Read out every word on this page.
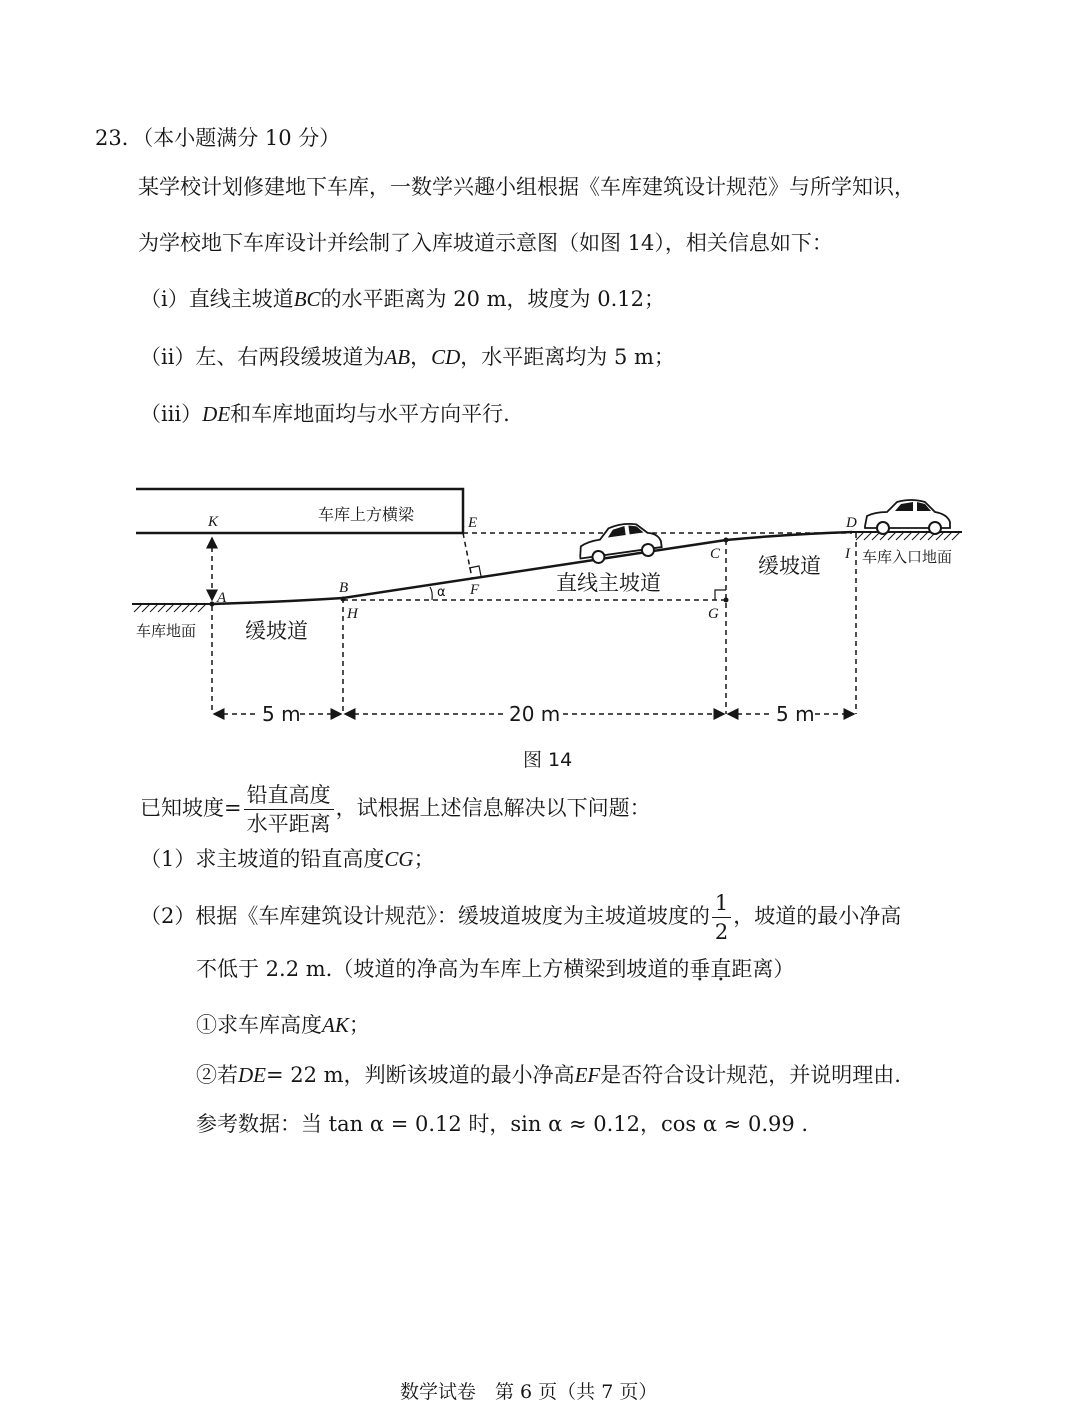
23．（本小题满分 10 分）
某学校计划修建地下车库，一数学兴趣小组根据《车库建筑设计规范》与所学知识，
为学校地下车库设计并绘制了入库坡道示意图（如图 14），相关信息如下：
（ⅰ）直线主坡道BC的水平距离为 20 m，坡度为 0.12；
（ⅱ）左、右两段缓坡道为AB，CD，水平距离均为 5 m；
（ⅲ）DE和车库地面均与水平方向平行.
车库上方横梁
车库地面
车库入口地面
α
K	E	D
C	I
B
A
H
F
G
直线主坡道
缓坡道
缓坡道
5 m	20 m	5 m
图 14
已知坡度= $\frac{\text{铅直高度}}{\text{水平距离}}$ ，试根据上述信息解决以下问题：
（1）求主坡道的铅直高度CG；
（2）根据《车库建筑设计规范》：缓坡道坡度为主坡道坡度的 $\frac{1}{2}$ ，坡道的最小净高
不低于 2.2 m.（坡道的净高为车库上方横梁到坡道的垂直距离）
①求车库高度AK；
②若DE= 22 m，判断该坡道的最小净高EF是否符合设计规范，并说明理由.
参考数据：当 tan α = 0.12 时，sin α ≈ 0.12，cos α ≈ 0.99 .
数学试卷　第 6 页（共 7 页）
